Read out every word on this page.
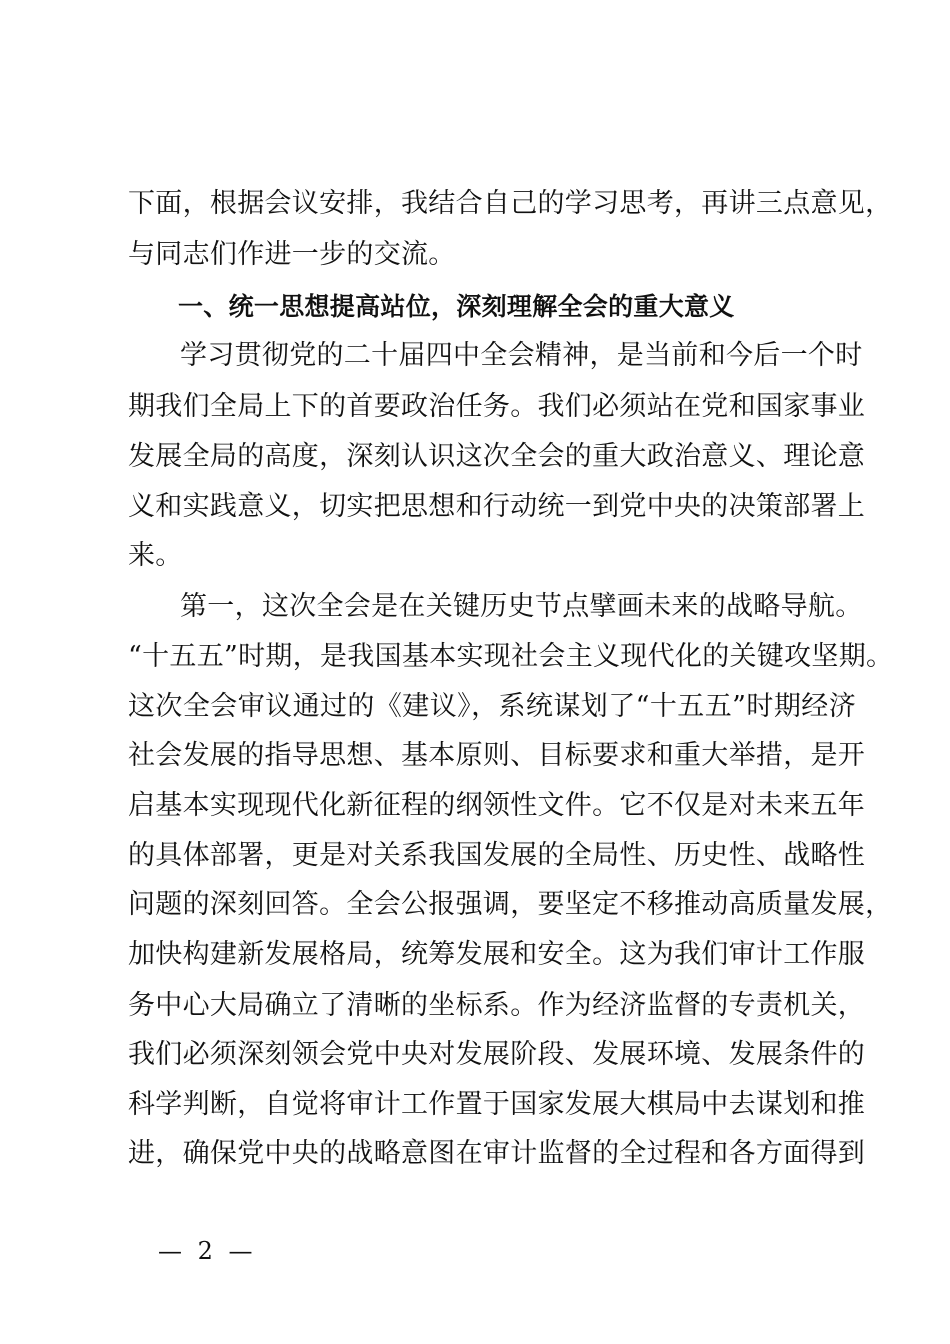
下面，根据会议安排，我结合自己的学习思考，再讲三点意见，
与同志们作进一步的交流。
一、统一思想提高站位，深刻理解全会的重大意义
学习贯彻党的二十届四中全会精神，是当前和今后一个时
期我们全局上下的首要政治任务。我们必须站在党和国家事业
发展全局的高度，深刻认识这次全会的重大政治意义、理论意
义和实践意义，切实把思想和行动统一到党中央的决策部署上
来。
第一，这次全会是在关键历史节点擘画未来的战略导航。
“十五五”时期，是我国基本实现社会主义现代化的关键攻坚期。
这次全会审议通过的《建议》，系统谋划了“十五五”时期经济
社会发展的指导思想、基本原则、目标要求和重大举措，是开
启基本实现现代化新征程的纲领性文件。它不仅是对未来五年
的具体部署，更是对关系我国发展的全局性、历史性、战略性
问题的深刻回答。全会公报强调，要坚定不移推动高质量发展，
加快构建新发展格局，统筹发展和安全。这为我们审计工作服
务中心大局确立了清晰的坐标系。作为经济监督的专责机关，
我们必须深刻领会党中央对发展阶段、发展环境、发展条件的
科学判断，自觉将审计工作置于国家发展大棋局中去谋划和推
进，确保党中央的战略意图在审计监督的全过程和各方面得到
— 2 —
